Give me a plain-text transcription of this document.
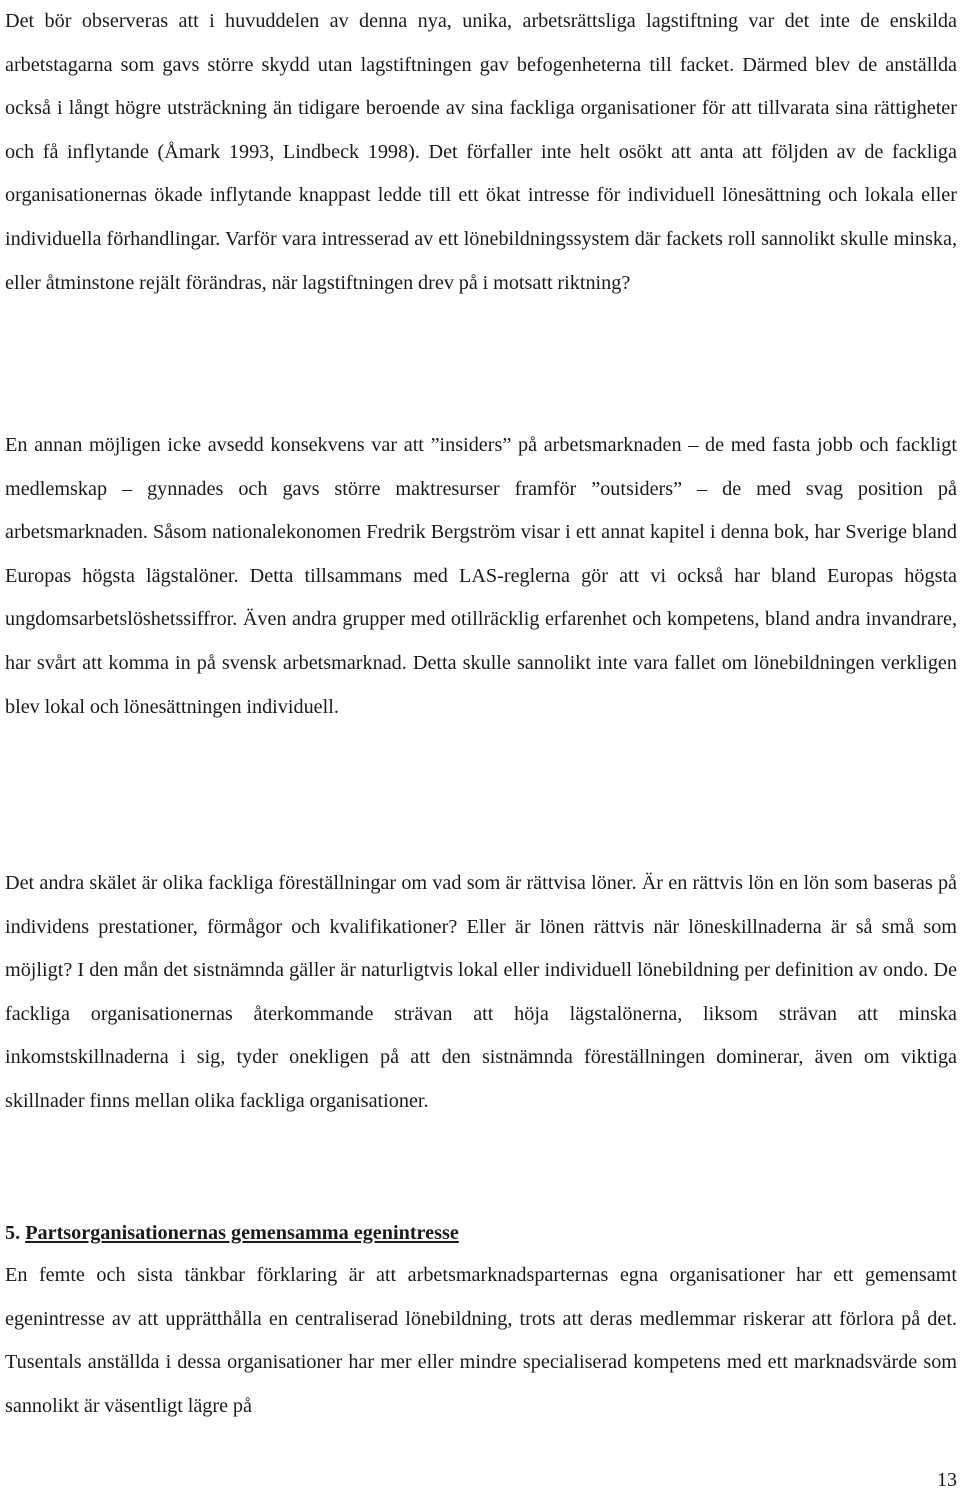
Det bör observeras att i huvuddelen av denna nya, unika, arbetsrättsliga lagstiftning var det inte de enskilda arbetstagarna som gavs större skydd utan lagstiftningen gav befogenheterna till facket. Därmed blev de anställda också i långt högre utsträckning än tidigare beroende av sina fackliga organisationer för att tillvarata sina rättigheter och få inflytande (Åmark 1993, Lindbeck 1998). Det förfaller inte helt osökt att anta att följden av de fackliga organisationernas ökade inflytande knappast ledde till ett ökat intresse för individuell lönesättning och lokala eller individuella förhandlingar. Varför vara intresserad av ett lönebildningssystem där fackets roll sannolikt skulle minska, eller åtminstone rejält förändras, när lagstiftningen drev på i motsatt riktning?

En annan möjligen icke avsedd konsekvens var att ”insiders” på arbetsmarknaden – de med fasta jobb och fackligt medlemskap – gynnades och gavs större maktresurser framför ”outsiders” – de med svag position på arbetsmarknaden. Såsom nationalekonomen Fredrik Bergström visar i ett annat kapitel i denna bok, har Sverige bland Europas högsta lägstalöner. Detta tillsammans med LAS-reglerna gör att vi också har bland Europas högsta ungdomsarbetslöshetssiffror. Även andra grupper med otillräcklig erfarenhet och kompetens, bland andra invandrare, har svårt att komma in på svensk arbetsmarknad. Detta skulle sannolikt inte vara fallet om lönebildningen verkligen blev lokal och lönesättningen individuell.

Det andra skälet är olika fackliga föreställningar om vad som är rättvisa löner. Är en rättvis lön en lön som baseras på individens prestationer, förmågor och kvalifikationer? Eller är lönen rättvis när löneskillnaderna är så små som möjligt? I den mån det sistnämnda gäller är naturligtvis lokal eller individuell lönebildning per definition av ondo. De fackliga organisationernas återkommande strävan att höja lägstalönerna, liksom strävan att minska inkomstskillnaderna i sig, tyder onekligen på att den sistnämnda föreställningen dominerar, även om viktiga skillnader finns mellan olika fackliga organisationer.

5. Partsorganisationernas gemensamma egenintresse

En femte och sista tänkbar förklaring är att arbetsmarknadsparternas egna organisationer har ett gemensamt egenintresse av att upprätthålla en centraliserad lönebildning, trots att deras medlemmar riskerar att förlora på det. Tusentals anställda i dessa organisationer har mer eller mindre specialiserad kompetens med ett marknadsvärde som sannolikt är väsentligt lägre på

13
